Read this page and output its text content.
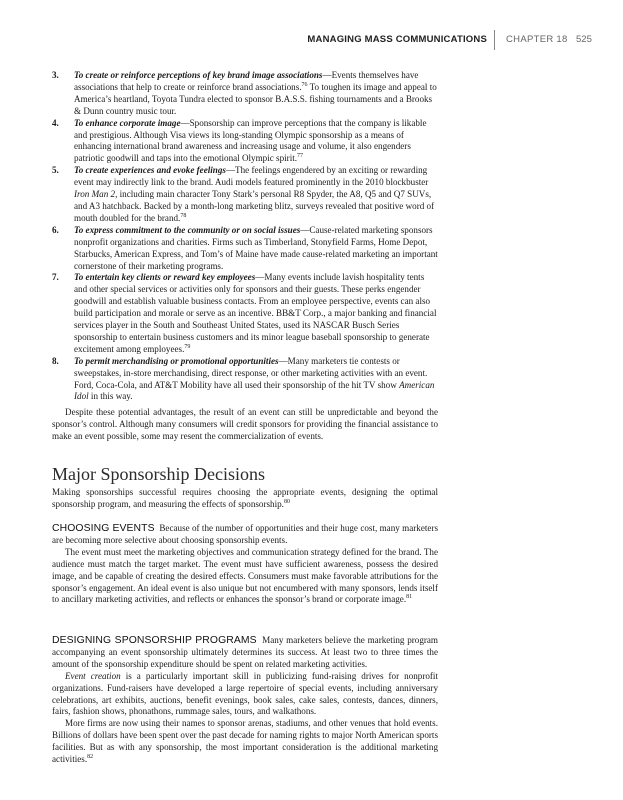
MANAGING MASS COMMUNICATIONS CHAPTER 18 525
3. To create or reinforce perceptions of key brand image associations—Events themselves have associations that help to create or reinforce brand associations.$^{76}$ To toughen its image and appeal to America’s heartland, Toyota Tundra elected to sponsor B.A.S.S. fishing tournaments and a Brooks & Dunn country music tour.
4. To enhance corporate image—Sponsorship can improve perceptions that the company is likable and prestigious. Although Visa views its long-standing Olympic sponsorship as a means of enhancing international brand awareness and increasing usage and volume, it also engenders patriotic goodwill and taps into the emotional Olympic spirit.$^{77}$
5. To create experiences and evoke feelings—The feelings engendered by an exciting or rewarding event may indirectly link to the brand. Audi models featured prominently in the 2010 blockbuster Iron Man 2, including main character Tony Stark’s personal R8 Spyder, the A8, Q5 and Q7 SUVs, and A3 hatchback. Backed by a month-long marketing blitz, surveys revealed that positive word of mouth doubled for the brand.$^{78}$
6. To express commitment to the community or on social issues—Cause-related marketing sponsors nonprofit organizations and charities. Firms such as Timberland, Stonyfield Farms, Home Depot, Starbucks, American Express, and Tom’s of Maine have made cause-related marketing an important cornerstone of their marketing programs.
7. To entertain key clients or reward key employees—Many events include lavish hospitality tents and other special services or activities only for sponsors and their guests. These perks engender goodwill and establish valuable business contacts. From an employee perspective, events can also build participation and morale or serve as an incentive. BB&T Corp., a major banking and financial services player in the South and Southeast United States, used its NASCAR Busch Series sponsorship to entertain business customers and its minor league baseball sponsorship to generate excitement among employees.$^{79}$
8. To permit merchandising or promotional opportunities—Many marketers tie contests or sweepstakes, in-store merchandising, direct response, or other marketing activities with an event. Ford, Coca-Cola, and AT&T Mobility have all used their sponsorship of the hit TV show American Idol in this way.
Despite these potential advantages, the result of an event can still be unpredictable and beyond the sponsor’s control. Although many consumers will credit sponsors for providing the financial assistance to make an event possible, some may resent the commercialization of events.
Major Sponsorship Decisions
Making sponsorships successful requires choosing the appropriate events, designing the optimal sponsorship program, and measuring the effects of sponsorship.$^{80}$
CHOOSING EVENTS Because of the number of opportunities and their huge cost, many marketers are becoming more selective about choosing sponsorship events.
The event must meet the marketing objectives and communication strategy defined for the brand. The audience must match the target market. The event must have sufficient awareness, possess the desired image, and be capable of creating the desired effects. Consumers must make favorable attributions for the sponsor’s engagement. An ideal event is also unique but not encumbered with many sponsors, lends itself to ancillary marketing activities, and reflects or enhances the sponsor’s brand or corporate image.$^{81}$
DESIGNING SPONSORSHIP PROGRAMS Many marketers believe the marketing program accompanying an event sponsorship ultimately determines its success. At least two to three times the amount of the sponsorship expenditure should be spent on related marketing activities.
Event creation is a particularly important skill in publicizing fund-raising drives for nonprofit organizations. Fund-raisers have developed a large repertoire of special events, including anniversary celebrations, art exhibits, auctions, benefit evenings, book sales, cake sales, contests, dances, dinners, fairs, fashion shows, phonathons, rummage sales, tours, and walkathons.
More firms are now using their names to sponsor arenas, stadiums, and other venues that hold events. Billions of dollars have been spent over the past decade for naming rights to major North American sports facilities. But as with any sponsorship, the most important consideration is the additional marketing activities.$^{82}$
